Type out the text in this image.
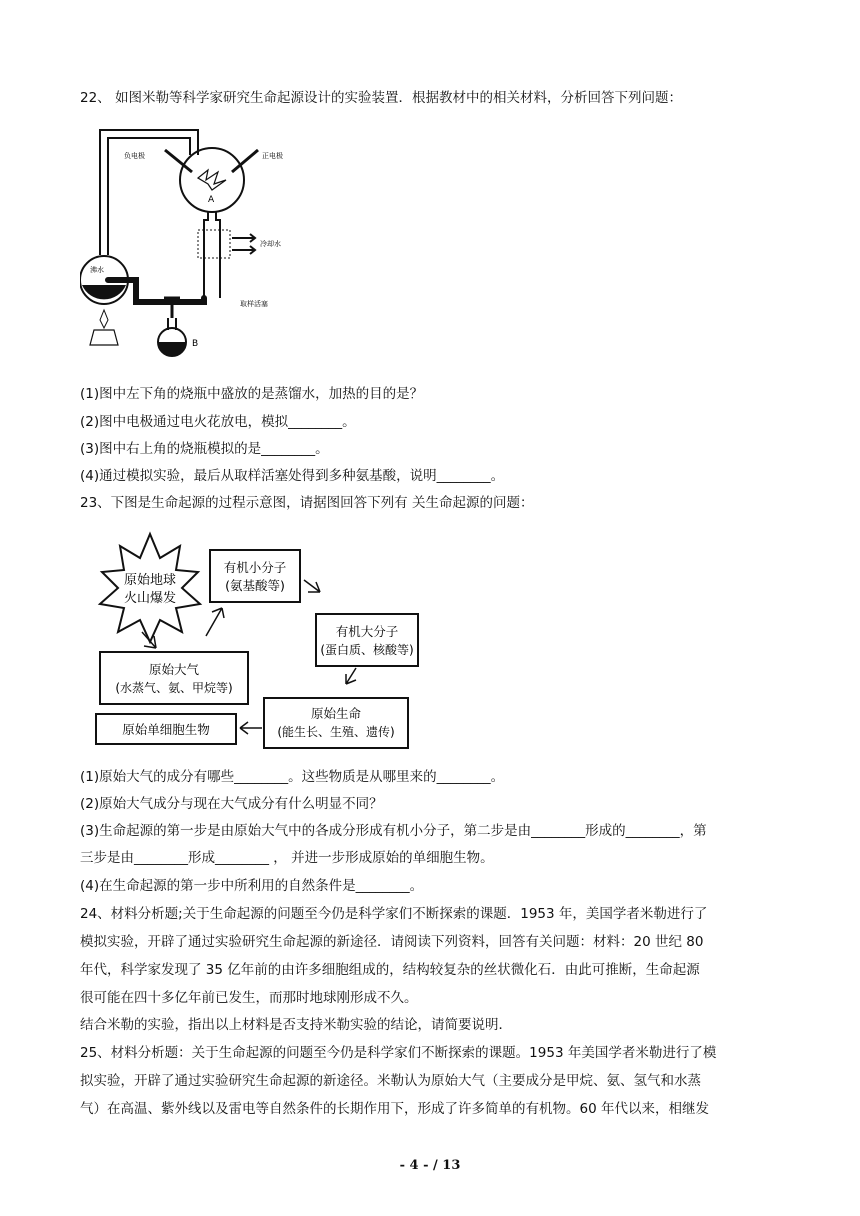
22、 如图米勒等科学家研究生命起源设计的实验装置．根据教材中的相关材料，分析回答下列问题：
负电极	正电极
A
冷却水
沸水
取样活塞
B
(1)图中左下角的烧瓶中盛放的是蒸馏水，加热的目的是？
(2)图中电极通过电火花放电，模拟________。
(3)图中右上角的烧瓶模拟的是________。
(4)通过模拟实验，最后从取样活塞处得到多种氨基酸，说明________。
23、下图是生命起源的过程示意图，请据图回答下列有 关生命起源的问题：
原始地球
火山爆发
有机小分子
(氨基酸等)
有机大分子
(蛋白质、核酸等)
原始大气
(水蒸气、氨、甲烷等)
原始生命
(能生长、生殖、遗传)
原始单细胞生物
(1)原始大气的成分有哪些________。这些物质是从哪里来的________。
(2)原始大气成分与现在大气成分有什么明显不同？
(3)生命起源的第一步是由原始大气中的各成分形成有机小分子，第二步是由________形成的________，第
三步是由________形成________ ， 并进一步形成原始的单细胞生物。
(4)在生命起源的第一步中所利用的自然条件是________。
24、材料分析题;关于生命起源的问题至今仍是科学家们不断探索的课题．1953 年，美国学者米勒进行了
模拟实验，开辟了通过实验研究生命起源的新途径．请阅读下列资料，回答有关问题：材料：20 世纪 80
年代，科学家发现了 35 亿年前的由许多细胞组成的，结构较复杂的丝状微化石．由此可推断，生命起源
很可能在四十多亿年前已发生，而那时地球刚形成不久。
结合米勒的实验，指出以上材料是否支持米勒实验的结论，请简要说明．
25、材料分析题：关于生命起源的问题至今仍是科学家们不断探索的课题。1953 年美国学者米勒进行了模
拟实验，开辟了通过实验研究生命起源的新途径。米勒认为原始大气（主要成分是甲烷、氨、氢气和水蒸
气）在高温、紫外线以及雷电等自然条件的长期作用下，形成了许多简单的有机物。60 年代以来，相继发
- 4 - / 13
